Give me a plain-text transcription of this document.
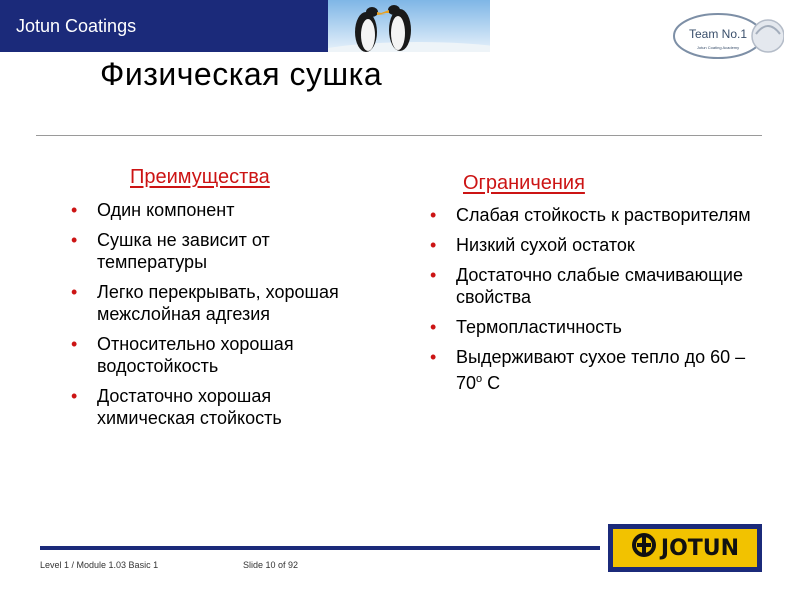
Jotun Coatings	Team No.1
Jotun Coating Academy
Физическая сушка
Преимущества
• Один компонент
• Сушка не зависит от температуры
• Легко перекрывать, хорошая межслойная адгезия
• Относительно хорошая водостойкость
• Достаточно хорошая химическая стойкость
Ограничения
• Слабая стойкость к растворителям
• Низкий сухой остаток
• Достаточно слабые смачивающие свойства
• Термопластичность
• Выдерживают сухое тепло до 60 – 70$^o$ C
Level 1 / Module 1.03 Basic 1	Slide 10 of 92
JOTUN
